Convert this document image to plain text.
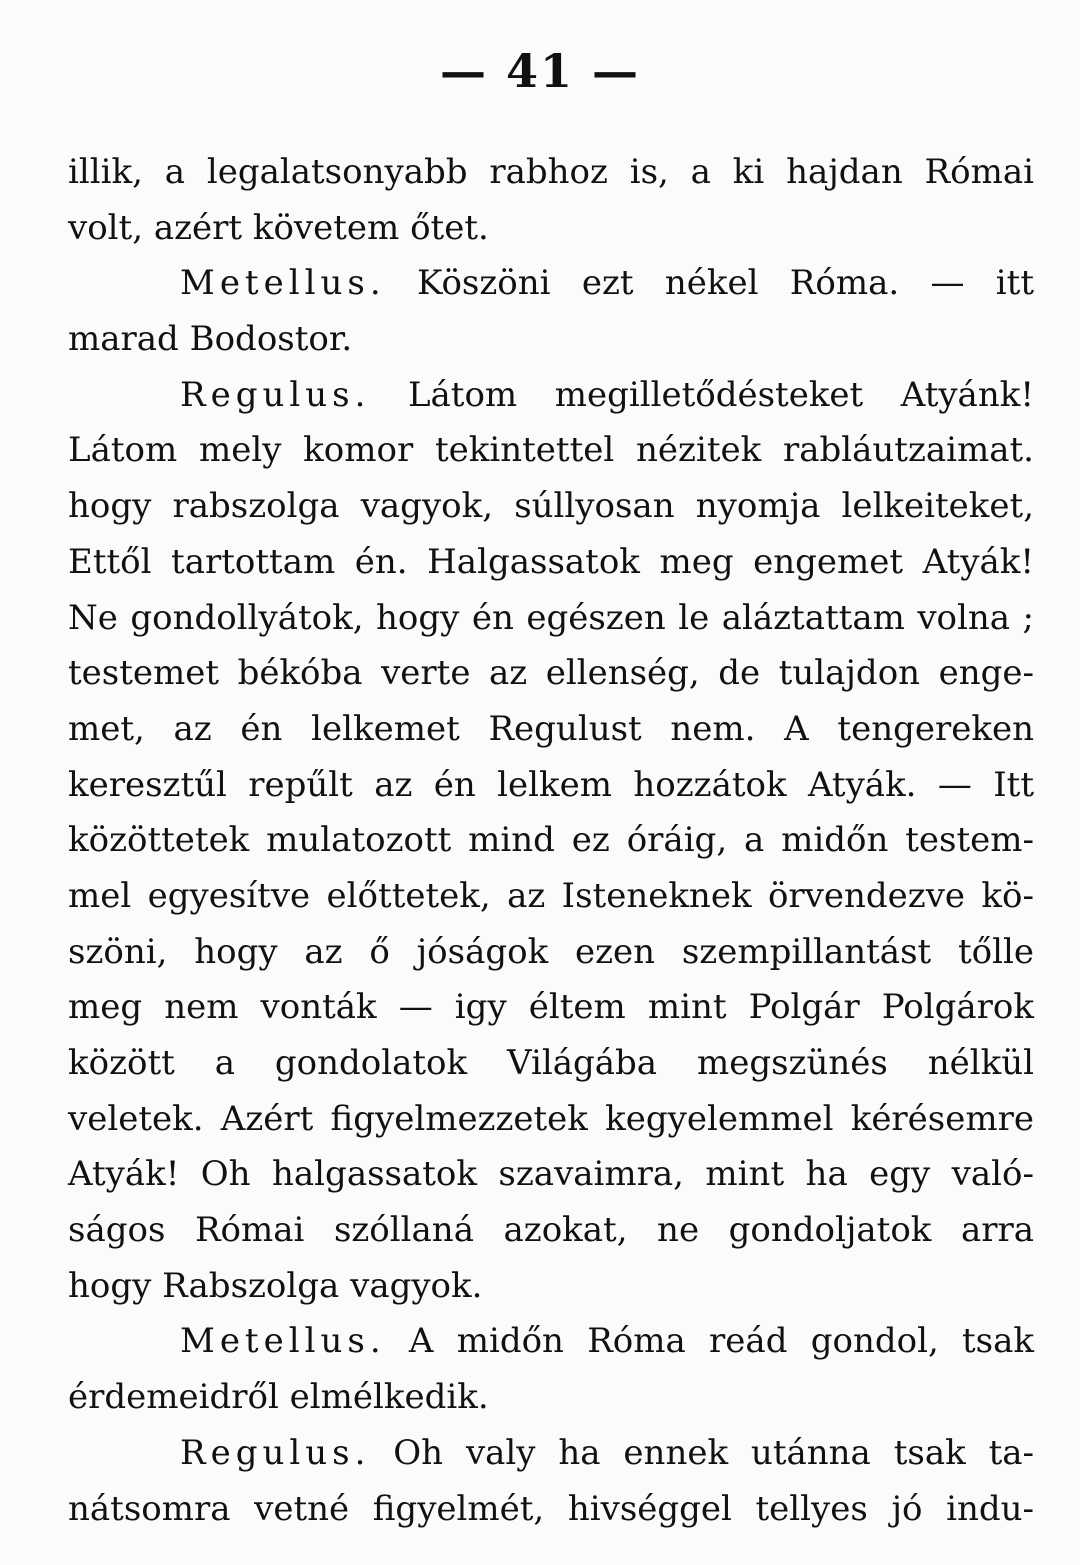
— 41 —
illik, a legalatsonyabb rabhoz is, a ki hajdan Római
volt, azért követem őtet.
Metellus. Köszöni ezt nékel Róma. — itt
marad Bodostor.
Regulus. Látom megilletődésteket Atyánk!
Látom mely komor tekintettel nézitek rabláutzaimat.
hogy rabszolga vagyok, súllyosan nyomja lelkeiteket,
Ettől tartottam én. Halgassatok meg engemet Atyák!
Ne gondollyátok, hogy én egészen le aláztattam volna ;
testemet békóba verte az ellenség, de tulajdon enge-
met, az én lelkemet Regulust nem. A tengereken
keresztűl repűlt az én lelkem hozzátok Atyák. — Itt
közöttetek mulatozott mind ez óráig, a midőn testem-
mel egyesítve előttetek, az Isteneknek örvendezve kö-
szöni, hogy az ő jóságok ezen szempillantást tőlle
meg nem vonták — igy éltem mint Polgár Polgárok
között a gondolatok Világába megszünés nélkül
veletek. Azért figyelmezzetek kegyelemmel kérésemre
Atyák! Oh halgassatok szavaimra, mint ha egy való-
ságos Római szóllaná azokat, ne gondoljatok arra
hogy Rabszolga vagyok.
Metellus. A midőn Róma reád gondol, tsak
érdemeidről elmélkedik.
Regulus. Oh valy ha ennek utánna tsak ta-
nátsomra vetné figyelmét, hivséggel tellyes jó indu-
